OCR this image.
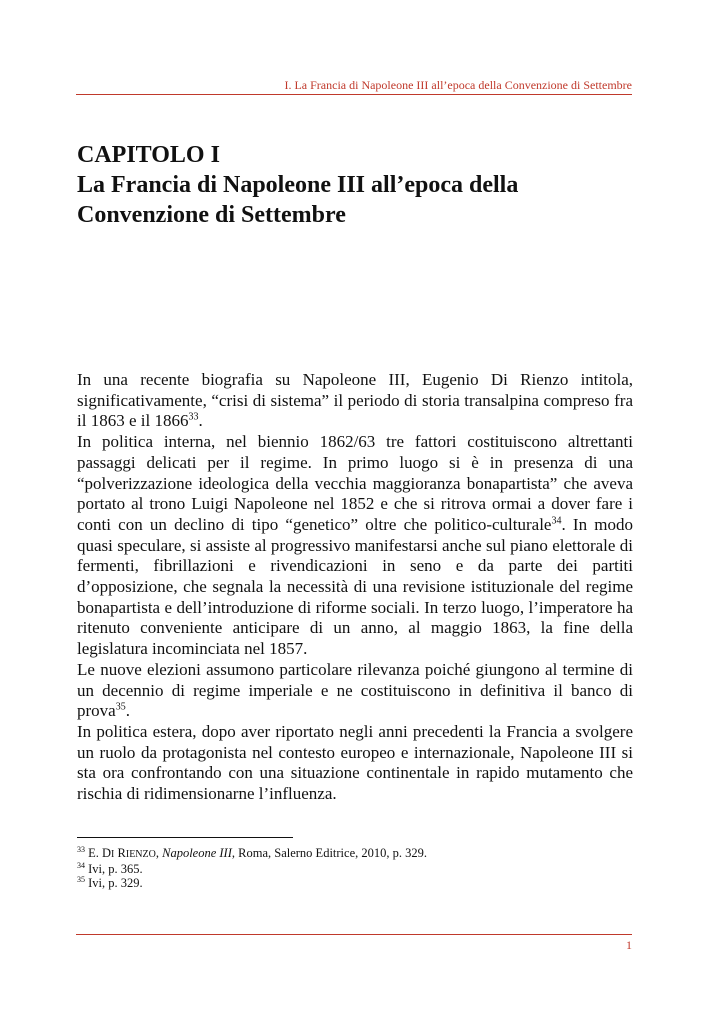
I. La Francia di Napoleone III all’epoca della Convenzione di Settembre
CAPITOLO I
La Francia di Napoleone III all’epoca della
Convenzione di Settembre

In una recente biografia su Napoleone III, Eugenio Di Rienzo intitola, significativamente, “crisi di sistema” il periodo di storia transalpina compreso fra il 1863 e il 1866$^{33}$.

In politica interna, nel biennio 1862/63 tre fattori costituiscono altrettanti passaggi delicati per il regime. In primo luogo si è in presenza di una “polverizzazione ideologica della vecchia maggioranza bonapartista” che aveva portato al trono Luigi Napoleone nel 1852 e che si ritrova ormai a dover fare i conti con un declino di tipo “genetico” oltre che politico-culturale$^{34}$. In modo quasi speculare, si assiste al progressivo manifestarsi anche sul piano elettorale di fermenti, fibrillazioni e rivendicazioni in seno e da parte dei partiti d’opposizione, che segnala la necessità di una revisione istituzionale del regime bonapartista e dell’introduzione di riforme sociali. In terzo luogo, l’imperatore ha ritenuto conveniente anticipare di un anno, al maggio 1863, la fine della legislatura incominciata nel 1857.

Le nuove elezioni assumono particolare rilevanza poiché giungono al termine di un decennio di regime imperiale e ne costituiscono in definitiva il banco di prova$^{35}$.

In politica estera, dopo aver riportato negli anni precedenti la Francia a svolgere un ruolo da protagonista nel contesto europeo e internazionale, Napoleone III si sta ora confrontando con una situazione continentale in rapido mutamento che rischia di ridimensionarne l’influenza.

$^{33}$ E. DI RIENZO, Napoleone III, Roma, Salerno Editrice, 2010, p. 329.
$^{34}$ Ivi, p. 365.
$^{35}$ Ivi, p. 329.
1
